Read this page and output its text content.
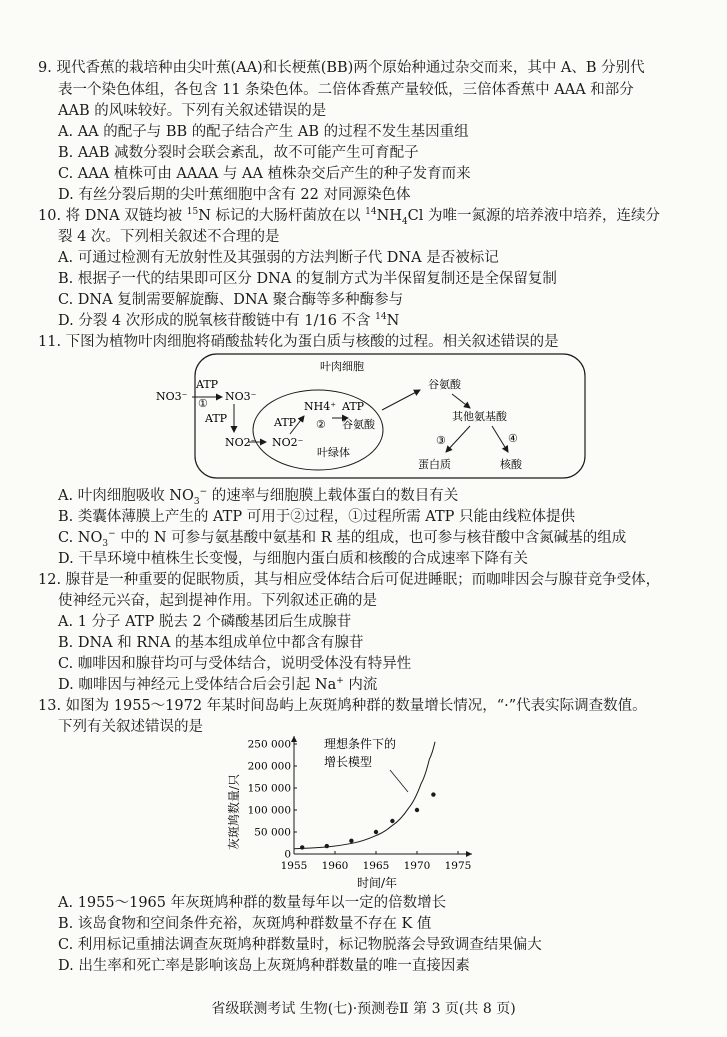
9. 现代香蕉的栽培种由尖叶蕉(AA)和长梗蕉(BB)两个原始种通过杂交而来，其中 A、B 分别代
表一个染色体组，各包含 11 条染色体。二倍体香蕉产量较低，三倍体香蕉中 AAA 和部分
AAB 的风味较好。下列有关叙述错误的是
A. AA 的配子与 BB 的配子结合产生 AB 的过程不发生基因重组
B. AAB 减数分裂时会联会紊乱，故不可能产生可育配子
C. AAA 植株可由 AAAA 与 AA 植株杂交后产生的种子发育而来
D. 有丝分裂后期的尖叶蕉细胞中含有 22 对同源染色体
10. 将 DNA 双链均被 $^{15}$N 标记的大肠杆菌放在以 $^{14}NH_4Cl$ 为唯一氮源的培养液中培养，连续分
裂 4 次。下列相关叙述不合理的是
A. 可通过检测有无放射性及其强弱的方法判断子代 DNA 是否被标记
B. 根据子一代的结果即可区分 DNA 的复制方式为半保留复制还是全保留复制
C. DNA 复制需要解旋酶、DNA 聚合酶等多种酶参与
D. 分裂 4 次形成的脱氧核苷酸链中有 1/16 不含 $^{14}$N
11. 下图为植物叶肉细胞将硝酸盐转化为蛋白质与核酸的过程。相关叙述错误的是
叶肉细胞
叶绿体
NO3⁻
ATP
①
NO3⁻
ATP
NO2⁻
ATP
NO2⁻
NH4⁺ ATP
② 谷氨酸
谷氨酸
其他氨基酸
③	④
蛋白质	核酸
A. 叶肉细胞吸收 $NO_3^-$ 的速率与细胞膜上载体蛋白的数目有关
B. 类囊体薄膜上产生的 ATP 可用于②过程，①过程所需 ATP 只能由线粒体提供
C. $NO_3^-$ 中的 N 可参与氨基酸中氨基和 R 基的组成，也可参与核苷酸中含氮碱基的组成
D. 干旱环境中植株生长变慢，与细胞内蛋白质和核酸的合成速率下降有关
12. 腺苷是一种重要的促眠物质，其与相应受体结合后可促进睡眠；而咖啡因会与腺苷竞争受体，
使神经元兴奋，起到提神作用。下列叙述正确的是
A. 1 分子 ATP 脱去 2 个磷酸基团后生成腺苷
B. DNA 和 RNA 的基本组成单位中都含有腺苷
C. 咖啡因和腺苷均可与受体结合，说明受体没有特异性
D. 咖啡因与神经元上受体结合后会引起 Na+ 内流
13. 如图为 1955～1972 年某时间岛屿上灰斑鸠种群的数量增长情况，“·”代表实际调查数值。
下列有关叙述错误的是
0
50 000
100 000
150 000
200 000
250 000
1955 1960 1965 1970 1975
理想条件下的
增长模型
时间/年
灰斑鸠数量/只
A. 1955～1965 年灰斑鸠种群的数量每年以一定的倍数增长
B. 该岛食物和空间条件充裕，灰斑鸠种群数量不存在 K 值
C. 利用标记重捕法调查灰斑鸠种群数量时，标记物脱落会导致调查结果偏大
D. 出生率和死亡率是影响该岛上灰斑鸠种群数量的唯一直接因素
省级联测考试 生物(七)·预测卷Ⅱ 第 3 页(共 8 页)
